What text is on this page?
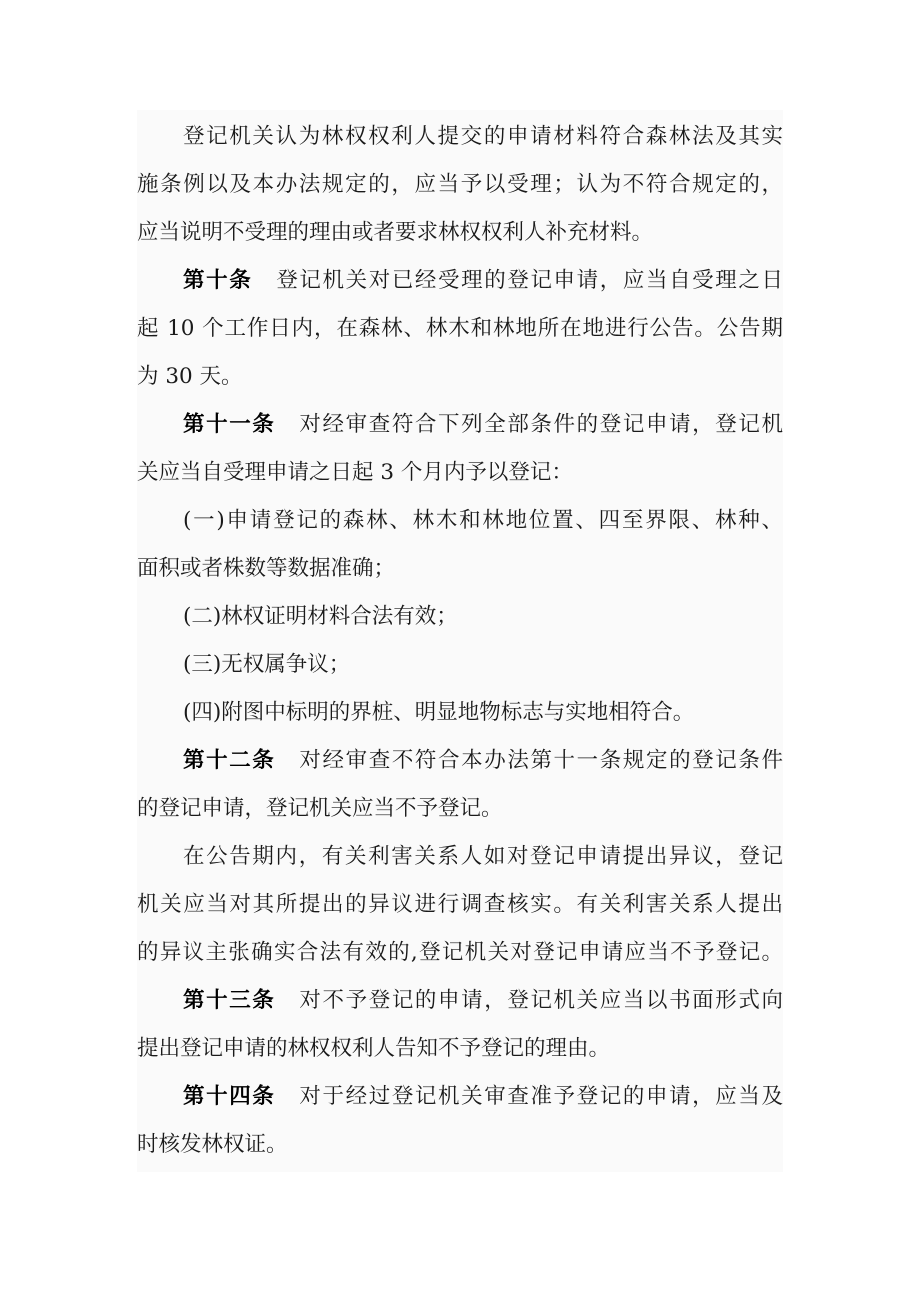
登记机关认为林权权利人提交的申请材料符合森林法及其实
施条例以及本办法规定的，应当予以受理；认为不符合规定的，
应当说明不受理的理由或者要求林权权利人补充材料。
第十条 登记机关对已经受理的登记申请，应当自受理之日
起 10 个工作日内，在森林、林木和林地所在地进行公告。公告期
为 30 天。
第十一条 对经审查符合下列全部条件的登记申请，登记机
关应当自受理申请之日起 3 个月内予以登记：
(一)申请登记的森林、林木和林地位置、四至界限、林种、
面积或者株数等数据准确；
(二)林权证明材料合法有效；
(三)无权属争议；
(四)附图中标明的界桩、明显地物标志与实地相符合。
第十二条 对经审查不符合本办法第十一条规定的登记条件
的登记申请，登记机关应当不予登记。
在公告期内，有关利害关系人如对登记申请提出异议，登记
机关应当对其所提出的异议进行调查核实。有关利害关系人提出
的异议主张确实合法有效的,登记机关对登记申请应当不予登记。
第十三条 对不予登记的申请，登记机关应当以书面形式向
提出登记申请的林权权利人告知不予登记的理由。
第十四条 对于经过登记机关审查准予登记的申请，应当及
时核发林权证。
